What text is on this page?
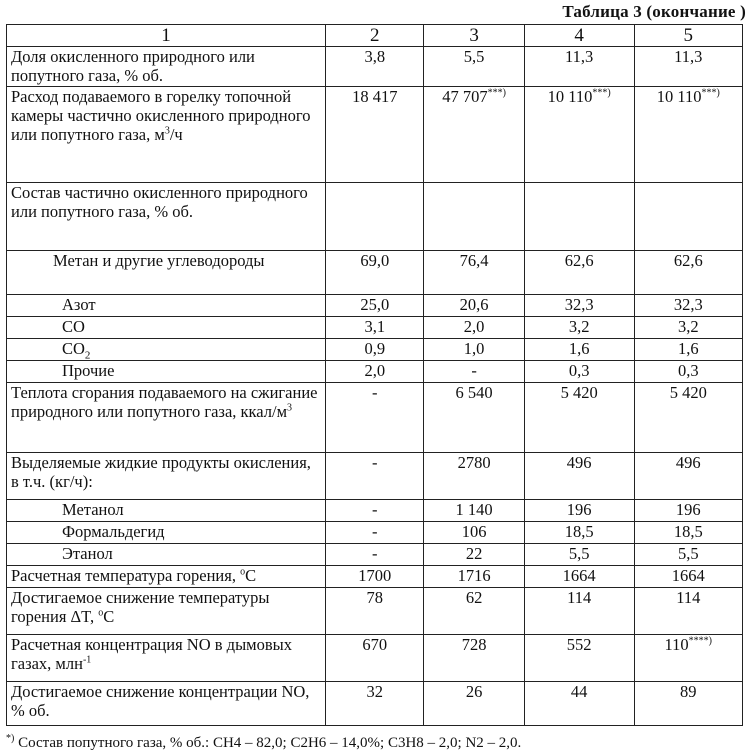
Таблица 3 (окончание )
1	2	3	4	5
Доля окисленного природного или попутного газа, % об.	3,8	5,5	11,3	11,3
Расход подаваемого в горелку топочной камеры частично окисленного природного или попутного газа, $м^3/ч$	18 417	47 707***)	10 110***)	10 110***)
Состав частично окисленного природного или попутного газа, % об.				
Метан и другие углеводороды	69,0	76,4	62,6	62,6
Азот	25,0	20,6	32,3	32,3
CO	3,1	2,0	3,2	3,2
$CO_2$	0,9	1,0	1,6	1,6
Прочие	2,0	-	0,3	0,3
Теплота сгорания подаваемого на сжигание природного или попутного газа, ккал/$м^3$	-	6 540	5 420	5 420
Выделяемые жидкие продукты окисления, в т.ч. (кг/ч):	-	2780	496	496
Метанол	-	1 140	196	196
Формальдегид	-	106	18,5	18,5
Этанол	-	22	5,5	5,5
Расчетная температура горения, $^o$C	1700	1716	1664	1664
Достигаемое снижение температуры горения ΔT, $^o$C	78	62	114	114
Расчетная концентрация NO в дымовых газах, млн$^{-1}$	670	728	552	110****)
Достигаемое снижение концентрации NO, % об.	32	26	44	89
*) Состав попутного газа, % об.: CH4 – 82,0; C2H6 – 14,0%; C3H8 – 2,0; N2 – 2,0.
